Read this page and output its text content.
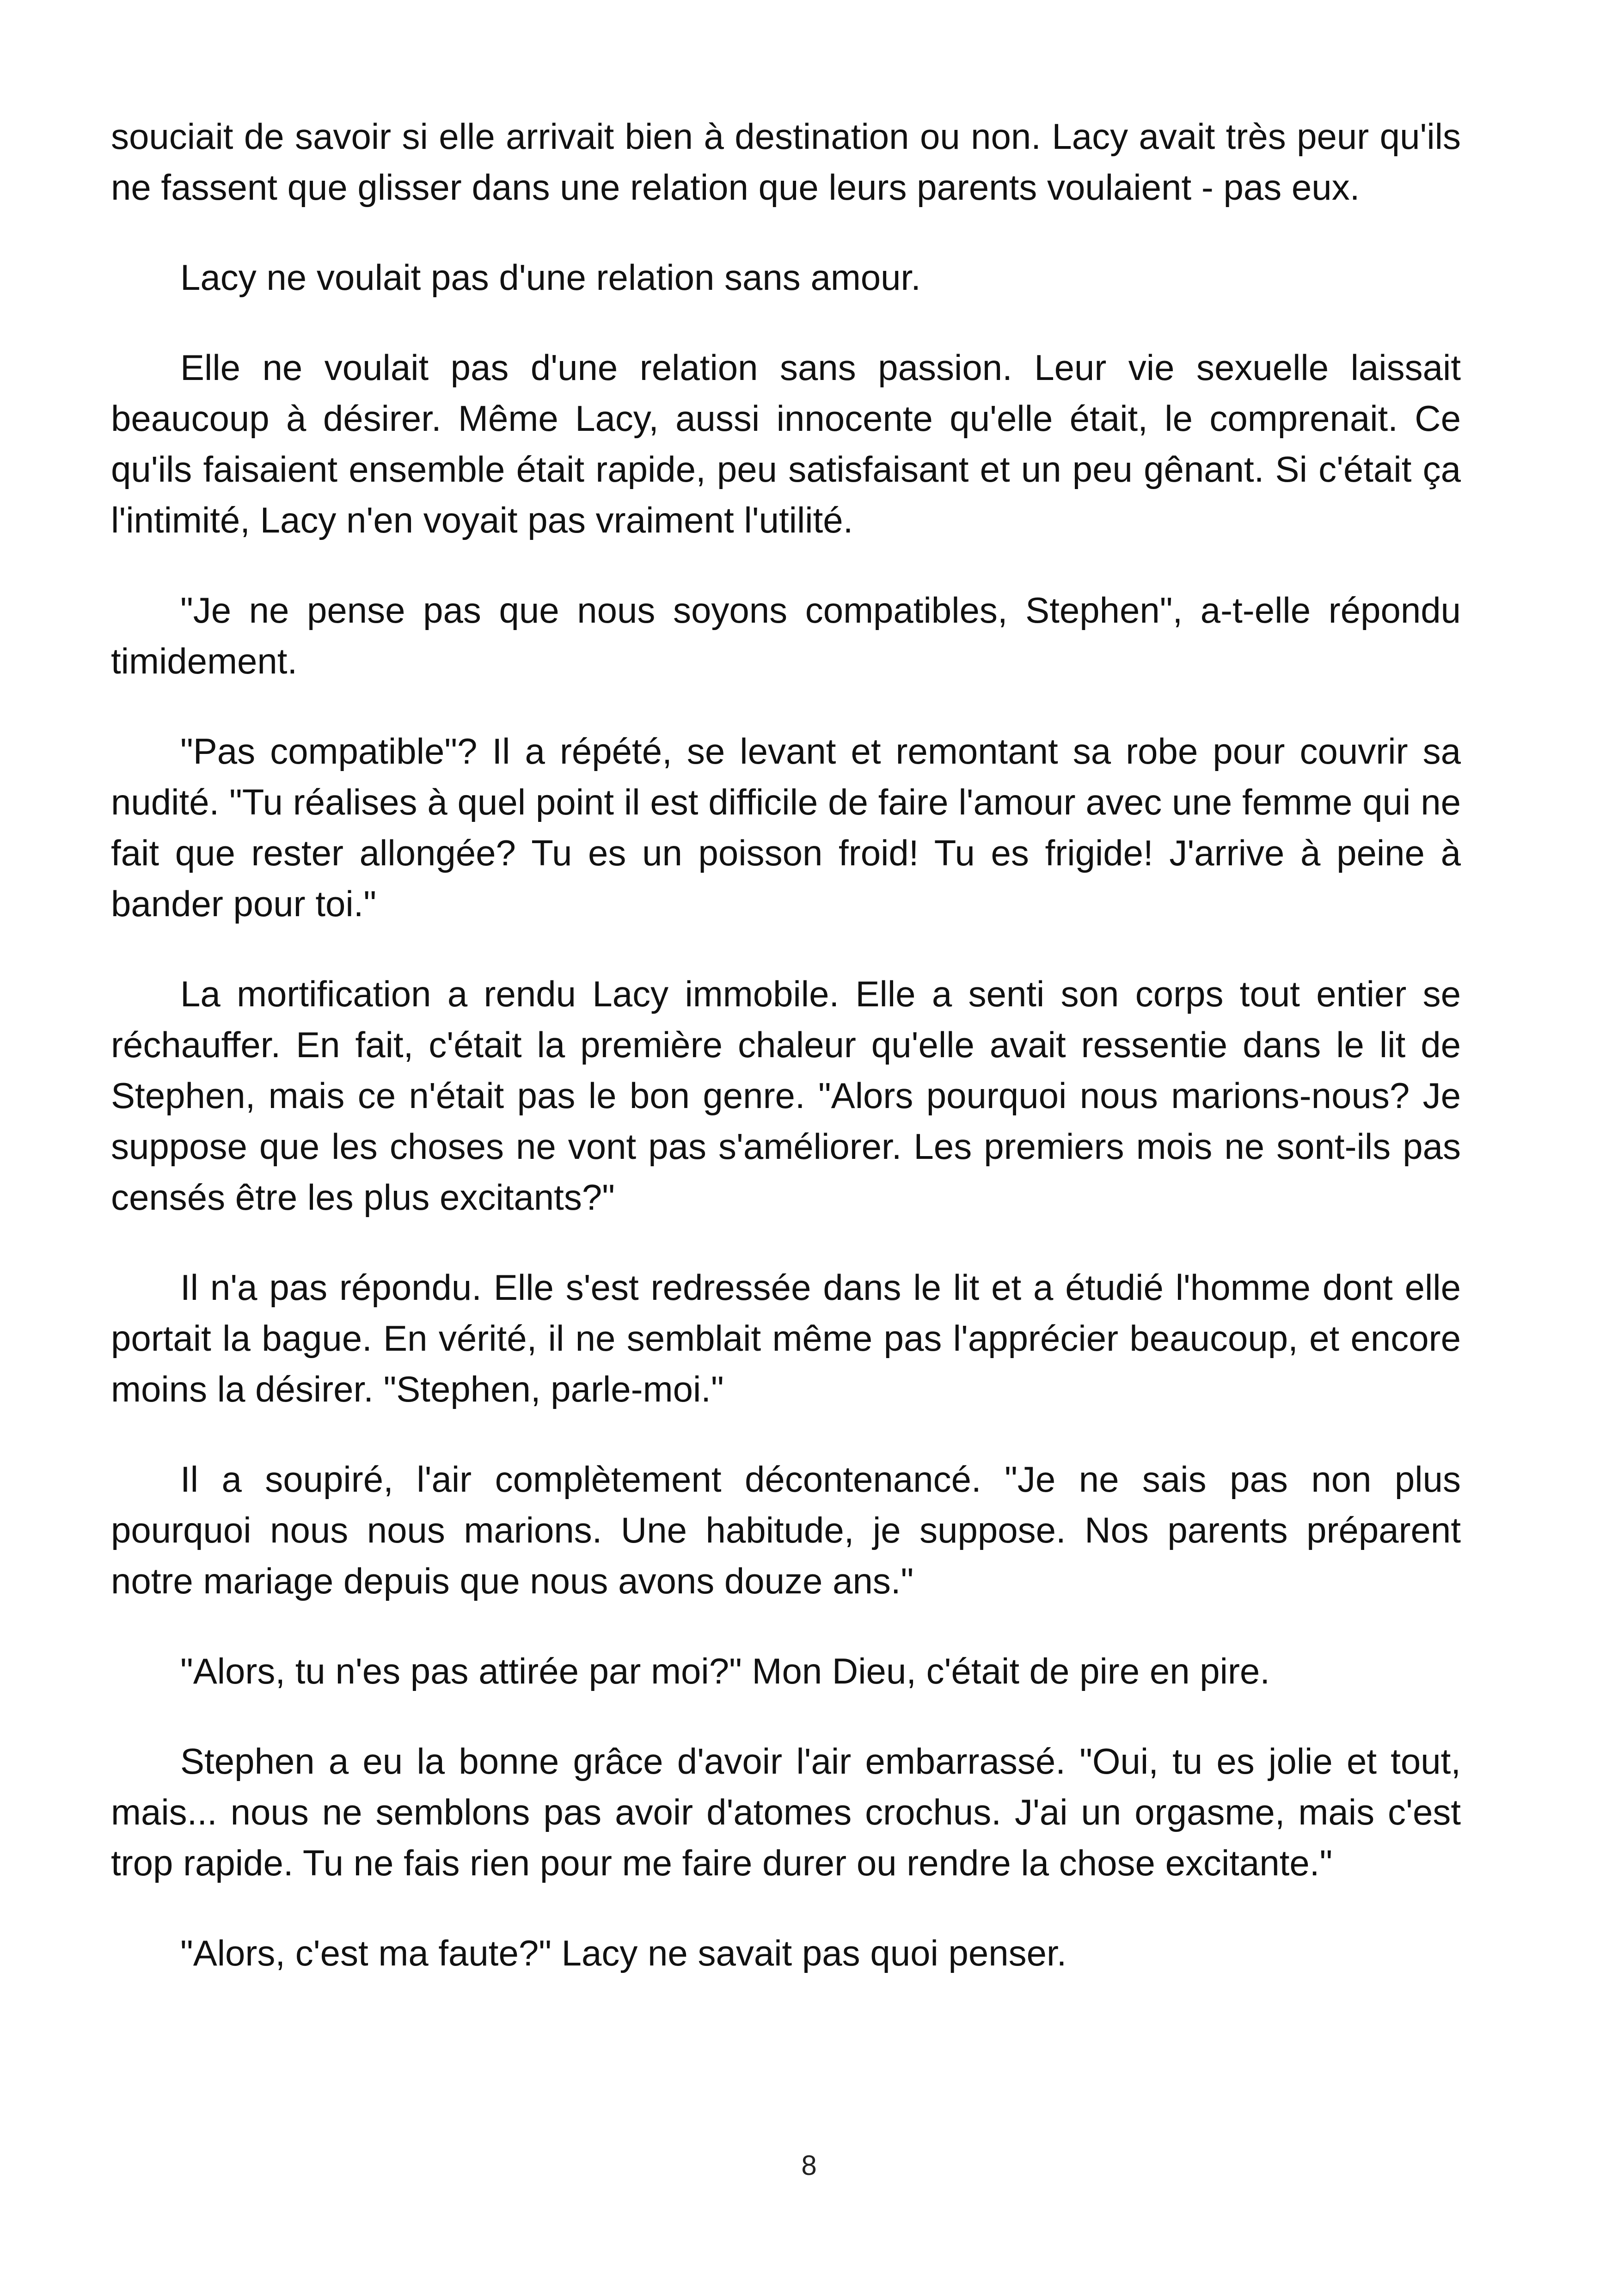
souciait de savoir si elle arrivait bien à destination ou non. Lacy avait très peur qu'ils ne fassent que glisser dans une relation que leurs parents voulaient - pas eux.

Lacy ne voulait pas d'une relation sans amour.

Elle ne voulait pas d'une relation sans passion. Leur vie sexuelle laissait beaucoup à désirer. Même Lacy, aussi innocente qu'elle était, le comprenait. Ce qu'ils faisaient ensemble était rapide, peu satisfaisant et un peu gênant. Si c'était ça l'intimité, Lacy n'en voyait pas vraiment l'utilité.

"Je ne pense pas que nous soyons compatibles, Stephen", a-t-elle répondu timidement.

"Pas compatible"? Il a répété, se levant et remontant sa robe pour couvrir sa nudité. "Tu réalises à quel point il est difficile de faire l'amour avec une femme qui ne fait que rester allongée? Tu es un poisson froid! Tu es frigide! J'arrive à peine à bander pour toi."

La mortification a rendu Lacy immobile. Elle a senti son corps tout entier se réchauffer. En fait, c'était la première chaleur qu'elle avait ressentie dans le lit de Stephen, mais ce n'était pas le bon genre. "Alors pourquoi nous marions-nous? Je suppose que les choses ne vont pas s'améliorer. Les premiers mois ne sont-ils pas censés être les plus excitants?"

Il n'a pas répondu. Elle s'est redressée dans le lit et a étudié l'homme dont elle portait la bague. En vérité, il ne semblait même pas l'apprécier beaucoup, et encore moins la désirer. "Stephen, parle-moi."

Il a soupiré, l'air complètement décontenancé. "Je ne sais pas non plus pourquoi nous nous marions. Une habitude, je suppose. Nos parents préparent notre mariage depuis que nous avons douze ans."

"Alors, tu n'es pas attirée par moi?" Mon Dieu, c'était de pire en pire.

Stephen a eu la bonne grâce d'avoir l'air embarrassé. "Oui, tu es jolie et tout, mais... nous ne semblons pas avoir d'atomes crochus. J'ai un orgasme, mais c'est trop rapide. Tu ne fais rien pour me faire durer ou rendre la chose excitante."

"Alors, c'est ma faute?" Lacy ne savait pas quoi penser.

8
